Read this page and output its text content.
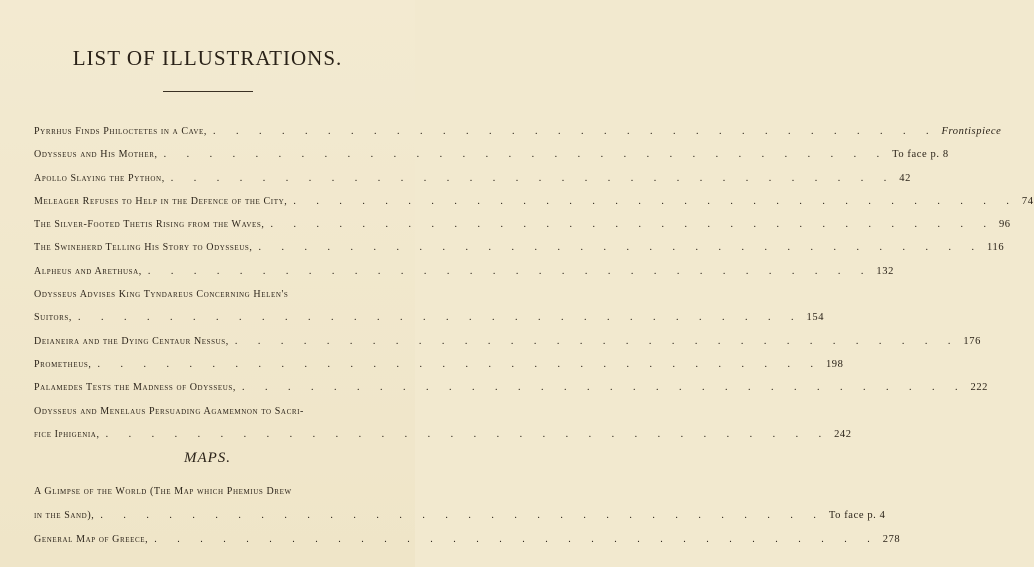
LIST OF ILLUSTRATIONS.
Pyrrhus Finds Philoctetes in a Cave, . . . . . . . . . . . . . . . . . . . . . . . . . . . . . . . . Frontispiece
Odysseus and His Mother, . . . . . . . . . . . . . . . . . . . . . . . . . . . . . . . . To face p. 8
Apollo Slaying the Python, . . . . . . . . . . . . . . . . . . . . . . . . . . . . . . . . 42
Meleager Refuses to Help in the Defence of the City, . . . . . . . . . . . . . . . . . . . . . . . . . . . . . . . . 74
The Silver-Footed Thetis Rising from the Waves, . . . . . . . . . . . . . . . . . . . . . . . . . . . . . . . . 96
The Swineherd Telling His Story to Odysseus, . . . . . . . . . . . . . . . . . . . . . . . . . . . . . . . . 116
Alpheus and Arethusa, . . . . . . . . . . . . . . . . . . . . . . . . . . . . . . . . 132
Odysseus Advises King Tyndareus Concerning Helen's
Suitors, . . . . . . . . . . . . . . . . . . . . . . . . . . . . . . . . 154
Deianeira and the Dying Centaur Nessus, . . . . . . . . . . . . . . . . . . . . . . . . . . . . . . . . 176
Prometheus, . . . . . . . . . . . . . . . . . . . . . . . . . . . . . . . . 198
Palamedes Tests the Madness of Odysseus, . . . . . . . . . . . . . . . . . . . . . . . . . . . . . . . . 222
Odysseus and Menelaus Persuading Agamemnon to Sacri-
fice Iphigenia, . . . . . . . . . . . . . . . . . . . . . . . . . . . . . . . . 242
MAPS.
A Glimpse of the World (The Map which Phemius Drew
in the Sand), . . . . . . . . . . . . . . . . . . . . . . . . . . . . . . . . To face p. 4
General Map of Greece, . . . . . . . . . . . . . . . . . . . . . . . . . . . . . . . . 278
